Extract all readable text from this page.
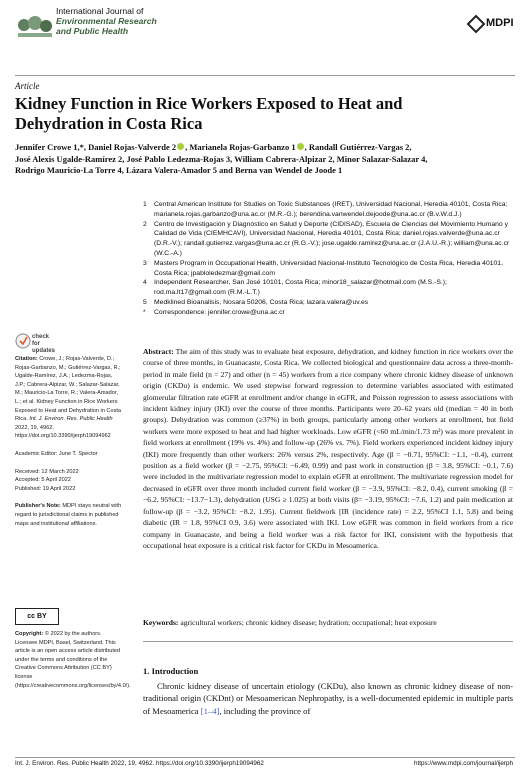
International Journal of
Environmental Research
and Public Health
MDPI
Article
Kidney Function in Rice Workers Exposed to Heat and Dehydration in Costa Rica
Jennifer Crowe 1,*, Daniel Rojas-Valverde 2 , Marianela Rojas-Garbanzo 1 , Randall Gutiérrez-Vargas 2,
José Alexis Ugalde-Ramírez 2, José Pablo Ledezma-Rojas 3, William Cabrera-Alpizar 2, Minor Salazar-Salazar 4,
Rodrigo Mauricio-La Torre 4, Lázara Valera-Amador 5 and Berna van Wendel de Joode 1
1	Central American Institute for Studies on Toxic Substances (IRET), Universidad Nacional, Heredia 40101, Costa Rica; marianela.rojas.garbanzo@una.ac.cr (M.R.-G.); berendina.vanwendel.dejoode@una.ac.cr (B.v.W.d.J.)
2	Centro de Investigación y Diagnóstico en Salud y Deporte (CIDISAD), Escuela de Ciencias del Movimiento Humano y Calidad de Vida (CIEMHCAVI), Universidad Nacional, Heredia 40101, Costa Rica; daniel.rojas.valverde@una.ac.cr (D.R.-V.); randall.gutierrez.vargas@una.ac.cr (R.G.-V.); jose.ugalde.ramirez@una.ac.cr (J.A.U.-R.); william@una.ac.cr (W.C.-A.)
3	Masters Program in Occupational Health, Universidad Nacional-Instituto Tecnológico de Costa Rica, Heredia 40101, Costa Rica; jpabloledezmar@gmail.com
4	Independent Researcher, San José 10101, Costa Rica; minor18_salazar@hotmail.com (M.S.-S.); rod.ma.lt17@gmail.com (R.M.-L.T.)
5	Medklined Bioanalisis, Nosara 50206, Costa Rica; lazara.valera@uv.es
*	Correspondence: jennifer.crowe@una.ac.cr
check for updates

Citation: Crowe, J.; Rojas-Valverde, D.; Rojas-Garbanzo, M.; Gutiérrez-Vargas, R.; Ugalde-Ramírez, J.A.; Ledezma-Rojas, J.P.; Cabrera-Alpizar, W.; Salazar-Salazar, M.; Mauricio-La Torre, R.; Valera-Amador, L.; et al. Kidney Function in Rice Workers Exposed to Heat and Dehydration in Costa Rica. Int. J. Environ. Res. Public Health 2022, 19, 4962. https://doi.org/10.3390/ijerph19094962

Academic Editor: June T. Spector

Received: 12 March 2022
Accepted: 5 April 2022
Published: 19 April 2022

Publisher's Note: MDPI stays neutral with regard to jurisdictional claims in published maps and institutional affiliations.

cc BY

Copyright: © 2022 by the authors. Licensee MDPI, Basel, Switzerland. This article is an open access article distributed under the terms and conditions of the Creative Commons Attribution (CC BY) license (https://creativecommons.org/licenses/by/4.0/).

Abstract: The aim of this study was to evaluate heat exposure, dehydration, and kidney function in rice workers over the course of three months, in Guanacaste, Costa Rica. We collected biological and questionnaire data across a three-month-period in male field (n = 27) and other (n = 45) workers from a rice company where chronic kidney disease of unknown origin (CKDu) is endemic. We used stepwise forward regression to determine variables associated with estimated glomerular filtration rate eGFR at enrollment and/or change in eGFR, and Poisson regression to assess associations with incident kidney injury (IKI) over the course of three months. Participants were 20–62 years old (median = 40 in both groups). Dehydration was common (≥37%) in both groups, particularly among other workers at enrollment, but field workers were more exposed to heat and had higher workloads. Low eGFR (<60 mL/min/1.73 m²) was more prevalent in field workers at enrollment (19% vs. 4%) and follow-up (26% vs. 7%). Field workers experienced incident kidney injury (IKI) more frequently than other workers: 26% versus 2%, respectively. Age (β = −0.71, 95%CI: −1.1, −0.4), current position as a field worker (β = −2.75, 95%CI: −6.49, 0.99) and past work in construction (β = 3.8, 95%CI: −0.1, 7.6) were included in the multivariate regression model to explain eGFR at enrollment. The multivariate regression model for decreased in eGFR over three month included current field worker (β = −3.9, 95%CI: −8.2, 0.4), current smoking (β = −6.2, 95%CI: −13.7−1.3), dehydration (USG ≥ 1.025) at both visits (β= −3.19, 95%CI: −7.6, 1.2) and pain medication at follow-up (β = −3.2, 95%CI: −8.2, 1.95). Current fieldwork [IR (incidence rate) = 2.2, 95%CI 1.1, 5.8) and being diabetic (IR = 1.8, 95%CI 0.9, 3.6) were associated with IKI. Low eGFR was common in field workers from a rice company in Guanacaste, and being a field worker was a risk factor for IKI, consistent with the hypothesis that occupational heat exposure is a critical risk factor for CKDu in Mesoamerica.
Keywords: agricultural workers; chronic kidney disease; hydration; occupational; heat exposure
1. Introduction
Chronic kidney disease of uncertain etiology (CKDu), also known as chronic kidney disease of non-traditional origin (CKDnt) or Mesoamerican Nephropathy, is a well-documented epidemic in multiple parts of Mesoamerica [1–4], including the province of
Int. J. Environ. Res. Public Health 2022, 19, 4962. https://doi.org/10.3390/ijerph19094962	https://www.mdpi.com/journal/ijerph
